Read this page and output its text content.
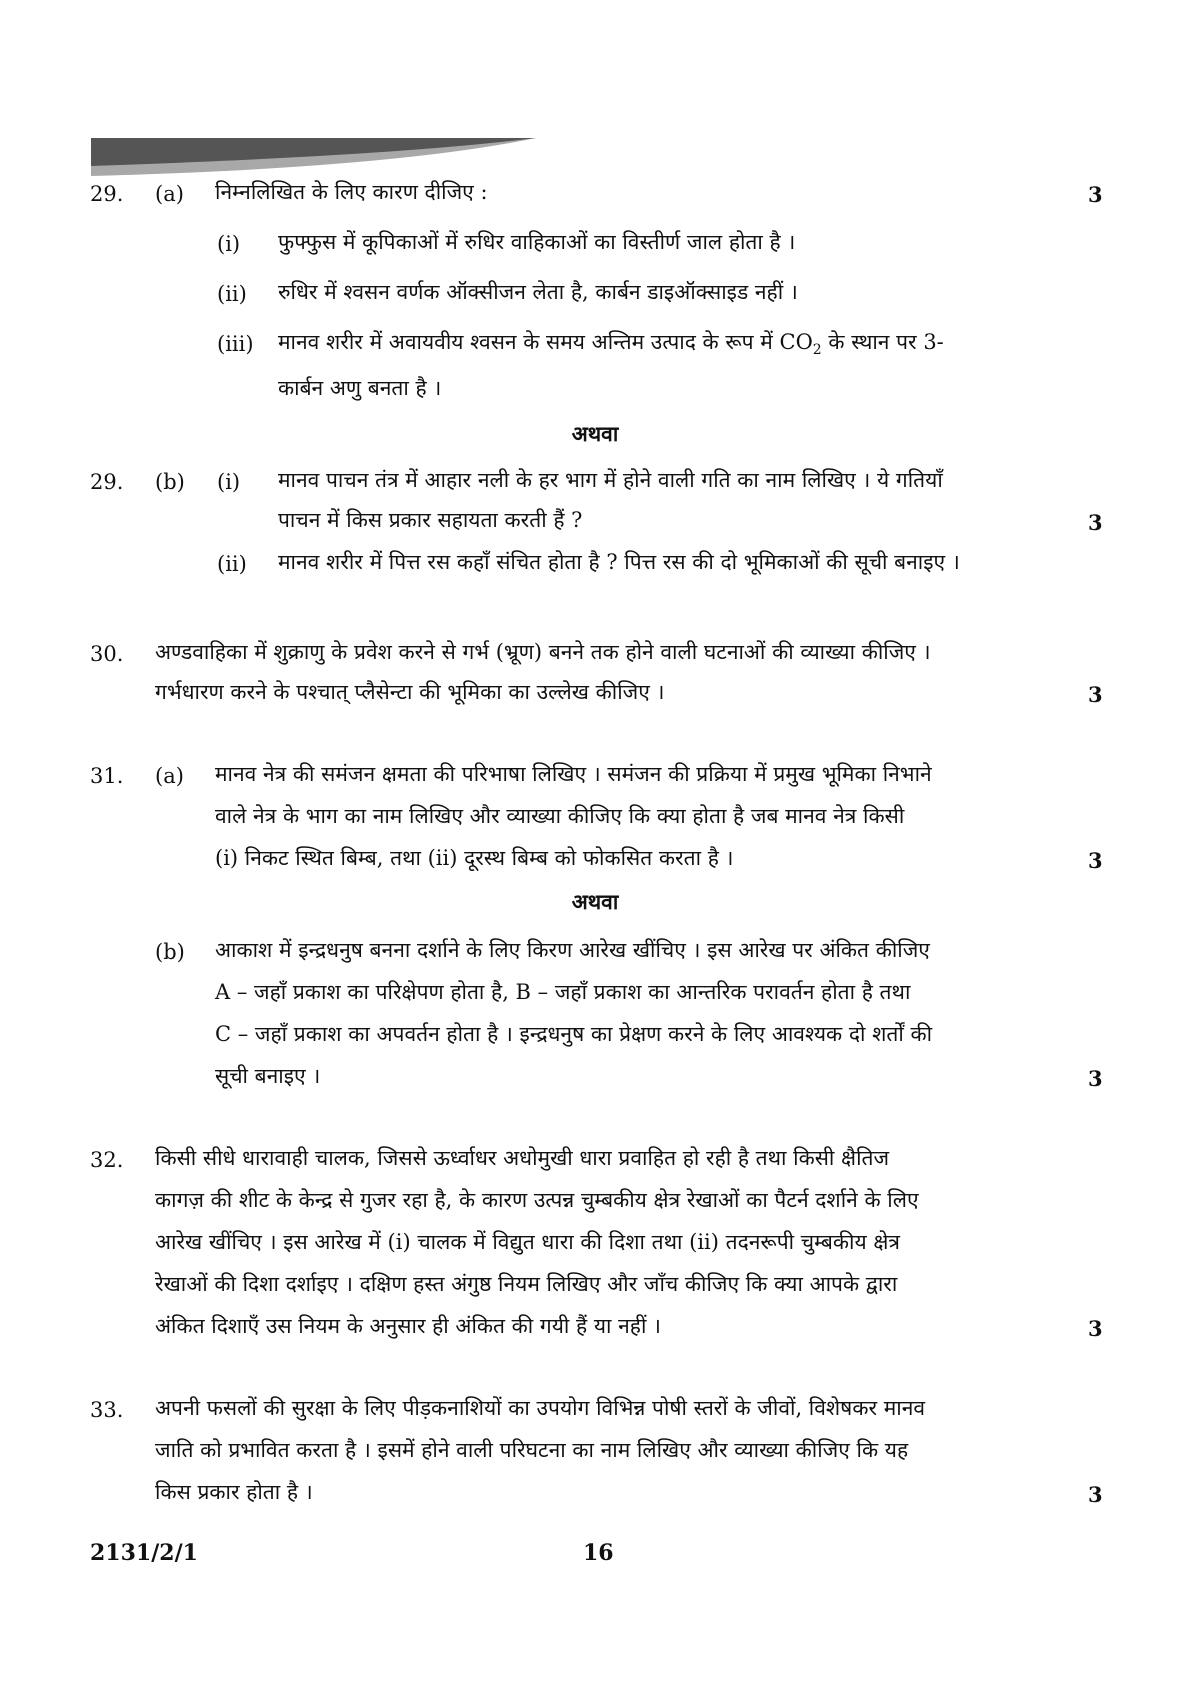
29.	(a) निम्नलिखित के लिए कारण दीजिए :	3
(i) फुफ्फुस में कूपिकाओं में रुधिर वाहिकाओं का विस्तीर्ण जाल होता है ।
(ii) रुधिर में श्वसन वर्णक ऑक्सीजन लेता है, कार्बन डाइऑक्साइड नहीं ।
(iii) मानव शरीर में अवायवीय श्वसन के समय अन्तिम उत्पाद के रूप में $CO_2$ के स्थान पर 3-
कार्बन अणु बनता है ।
अथवा
29.	(b) (i) मानव पाचन तंत्र में आहार नली के हर भाग में होने वाली गति का नाम लिखिए । ये गतियाँ
पाचन में किस प्रकार सहायता करती हैं ?	3
(ii) मानव शरीर में पित्त रस कहाँ संचित होता है ? पित्त रस की दो भूमिकाओं की सूची बनाइए ।
30.	अण्डवाहिका में शुक्राणु के प्रवेश करने से गर्भ (भ्रूण) बनने तक होने वाली घटनाओं की व्याख्या कीजिए ।
गर्भधारण करने के पश्चात् प्लैसेन्टा की भूमिका का उल्लेख कीजिए ।	3
31.	(a) मानव नेत्र की समंजन क्षमता की परिभाषा लिखिए । समंजन की प्रक्रिया में प्रमुख भूमिका निभाने
वाले नेत्र के भाग का नाम लिखिए और व्याख्या कीजिए कि क्या होता है जब मानव नेत्र किसी
(i) निकट स्थित बिम्ब, तथा (ii) दूरस्थ बिम्ब को फोकसित करता है ।	3
अथवा
(b) आकाश में इन्द्रधनुष बनना दर्शाने के लिए किरण आरेख खींचिए । इस आरेख पर अंकित कीजिए
A – जहाँ प्रकाश का परिक्षेपण होता है, B – जहाँ प्रकाश का आन्तरिक परावर्तन होता है तथा
C – जहाँ प्रकाश का अपवर्तन होता है । इन्द्रधनुष का प्रेक्षण करने के लिए आवश्यक दो शर्तों की
सूची बनाइए ।	3
32.	किसी सीधे धारावाही चालक, जिससे ऊर्ध्वाधर अधोमुखी धारा प्रवाहित हो रही है तथा किसी क्षैतिज
कागज़ की शीट के केन्द्र से गुजर रहा है, के कारण उत्पन्न चुम्बकीय क्षेत्र रेखाओं का पैटर्न दर्शाने के लिए
आरेख खींचिए । इस आरेख में (i) चालक में विद्युत धारा की दिशा तथा (ii) तदनरूपी चुम्बकीय क्षेत्र
रेखाओं की दिशा दर्शाइए । दक्षिण हस्त अंगुष्ठ नियम लिखिए और जाँच कीजिए कि क्या आपके द्वारा
अंकित दिशाएँ उस नियम के अनुसार ही अंकित की गयी हैं या नहीं ।	3
33.	अपनी फसलों की सुरक्षा के लिए पीड़कनाशियों का उपयोग विभिन्न पोषी स्तरों के जीवों, विशेषकर मानव
जाति को प्रभावित करता है । इसमें होने वाली परिघटना का नाम लिखिए और व्याख्या कीजिए कि यह
किस प्रकार होता है ।	3
2131/2/1	16
